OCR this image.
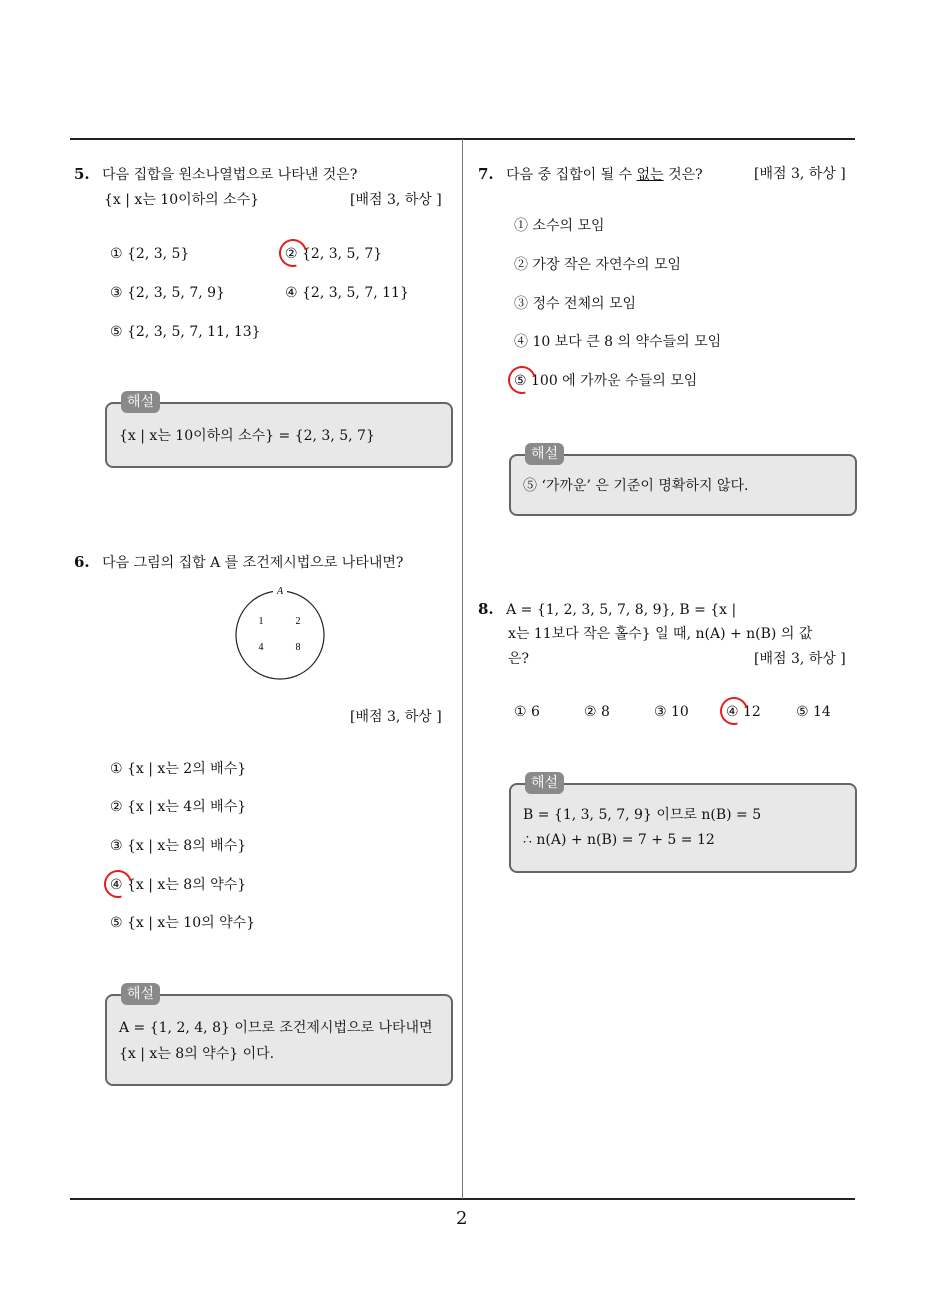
5. 다음 집합을 원소나열법으로 나타낸 것은?
{x | x는 10이하의 소수}	[배점 3, 하상 ]
① {2, 3, 5}	② {2, 3, 5, 7}
③ {2, 3, 5, 7, 9}	④ {2, 3, 5, 7, 11}
⑤ {2, 3, 5, 7, 11, 13}
해설
{x | x는 10이하의 소수} = {2, 3, 5, 7}
6. 다음 그림의 집합 A 를 조건제시법으로 나타내면?
A
1	2
4	8
[배점 3, 하상 ]
① {x | x는 2의 배수}
② {x | x는 4의 배수}
③ {x | x는 8의 배수}
④ {x | x는 8의 약수}
⑤ {x | x는 10의 약수}
해설
A = {1, 2, 4, 8} 이므로 조건제시법으로 나타내면
{x | x는 8의 약수} 이다.
7. 다음 중 집합이 될 수 없는 것은?	[배점 3, 하상 ]
① 소수의 모임
② 가장 작은 자연수의 모임
③ 정수 전체의 모임
④ 10 보다 큰 8 의 약수들의 모임
⑤ 100 에 가까운 수들의 모임
해설
⑤ ‘가까운’ 은 기준이 명확하지 않다.
8. A = {1, 2, 3, 5, 7, 8, 9}, B = {x |
x는 11보다 작은 홀수} 일 때, n(A) + n(B) 의 값
은?	[배점 3, 하상 ]
① 6	② 8	③ 10	④ 12	⑤ 14
해설
B = {1, 3, 5, 7, 9} 이므로 n(B) = 5
∴ n(A) + n(B) = 7 + 5 = 12
2
